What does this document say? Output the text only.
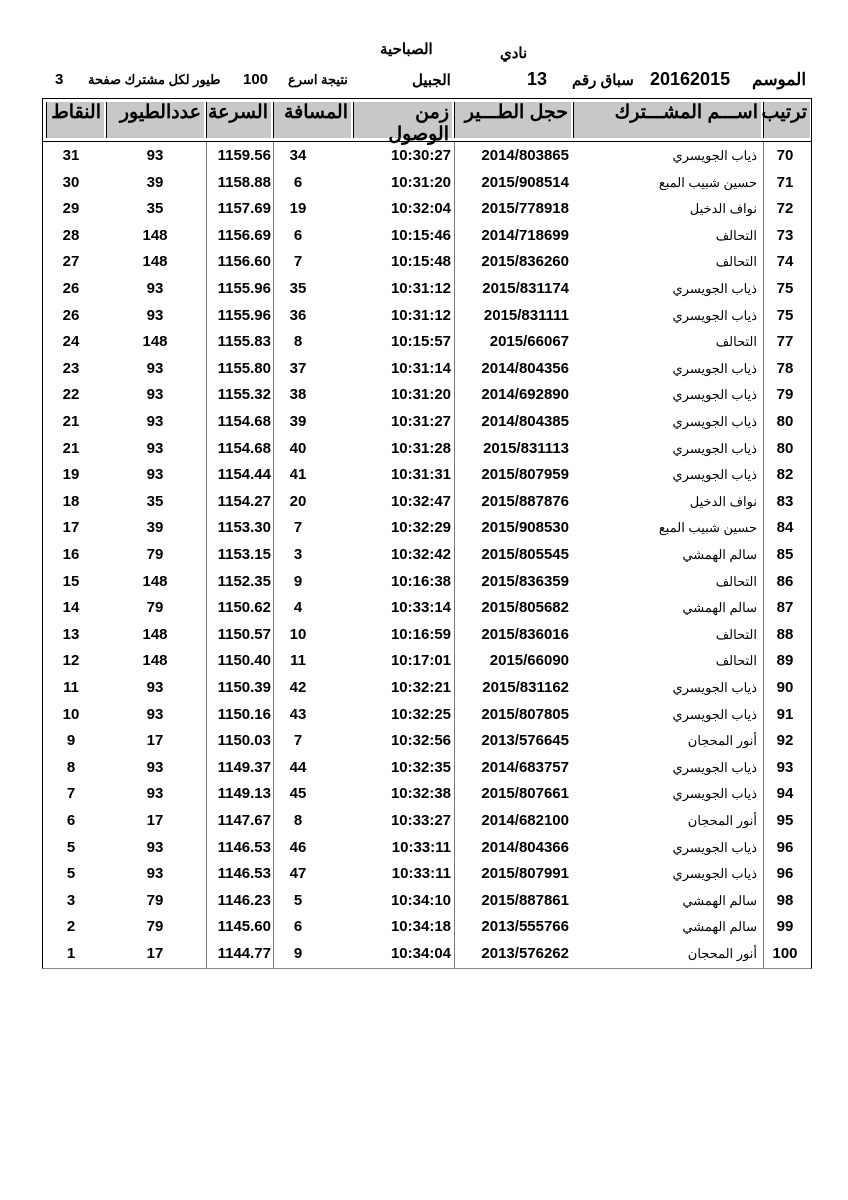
نادي
الصباحية
الموسم
20162015
سباق رقم
13
الجبيل
نتيجة اسرع
100
طيور لكل مشترك صفحة
3
ترتيب
اســـم المشـــترك
حجل الطـــير
زمن الوصول
المسافة
السرعة
عددالطيور
النقاط
70
ذياب الجويسري
2014/803865
10:30:27
34
1159.56
93
31
71
حسين شبيب المبع
2015/908514
10:31:20
6
1158.88
39
30
72
نواف الدخيل
2015/778918
10:32:04
19
1157.69
35
29
73
التحالف
2014/718699
10:15:46
6
1156.69
148
28
74
التحالف
2015/836260
10:15:48
7
1156.60
148
27
75
ذياب الجويسري
2015/831174
10:31:12
35
1155.96
93
26
75
ذياب الجويسري
2015/831111
10:31:12
36
1155.96
93
26
77
التحالف
2015/66067
10:15:57
8
1155.83
148
24
78
ذياب الجويسري
2014/804356
10:31:14
37
1155.80
93
23
79
ذياب الجويسري
2014/692890
10:31:20
38
1155.32
93
22
80
ذياب الجويسري
2014/804385
10:31:27
39
1154.68
93
21
80
ذياب الجويسري
2015/831113
10:31:28
40
1154.68
93
21
82
ذياب الجويسري
2015/807959
10:31:31
41
1154.44
93
19
83
نواف الدخيل
2015/887876
10:32:47
20
1154.27
35
18
84
حسين شبيب المبع
2015/908530
10:32:29
7
1153.30
39
17
85
سالم الهمشي
2015/805545
10:32:42
3
1153.15
79
16
86
التحالف
2015/836359
10:16:38
9
1152.35
148
15
87
سالم الهمشي
2015/805682
10:33:14
4
1150.62
79
14
88
التحالف
2015/836016
10:16:59
10
1150.57
148
13
89
التحالف
2015/66090
10:17:01
11
1150.40
148
12
90
ذياب الجويسري
2015/831162
10:32:21
42
1150.39
93
11
91
ذياب الجويسري
2015/807805
10:32:25
43
1150.16
93
10
92
أنور المحجان
2013/576645
10:32:56
7
1150.03
17
9
93
ذياب الجويسري
2014/683757
10:32:35
44
1149.37
93
8
94
ذياب الجويسري
2015/807661
10:32:38
45
1149.13
93
7
95
أنور المحجان
2014/682100
10:33:27
8
1147.67
17
6
96
ذياب الجويسري
2014/804366
10:33:11
46
1146.53
93
5
96
ذياب الجويسري
2015/807991
10:33:11
47
1146.53
93
5
98
سالم الهمشي
2015/887861
10:34:10
5
1146.23
79
3
99
سالم الهمشي
2013/555766
10:34:18
6
1145.60
79
2
100
أنور المحجان
2013/576262
10:34:04
9
1144.77
17
1
